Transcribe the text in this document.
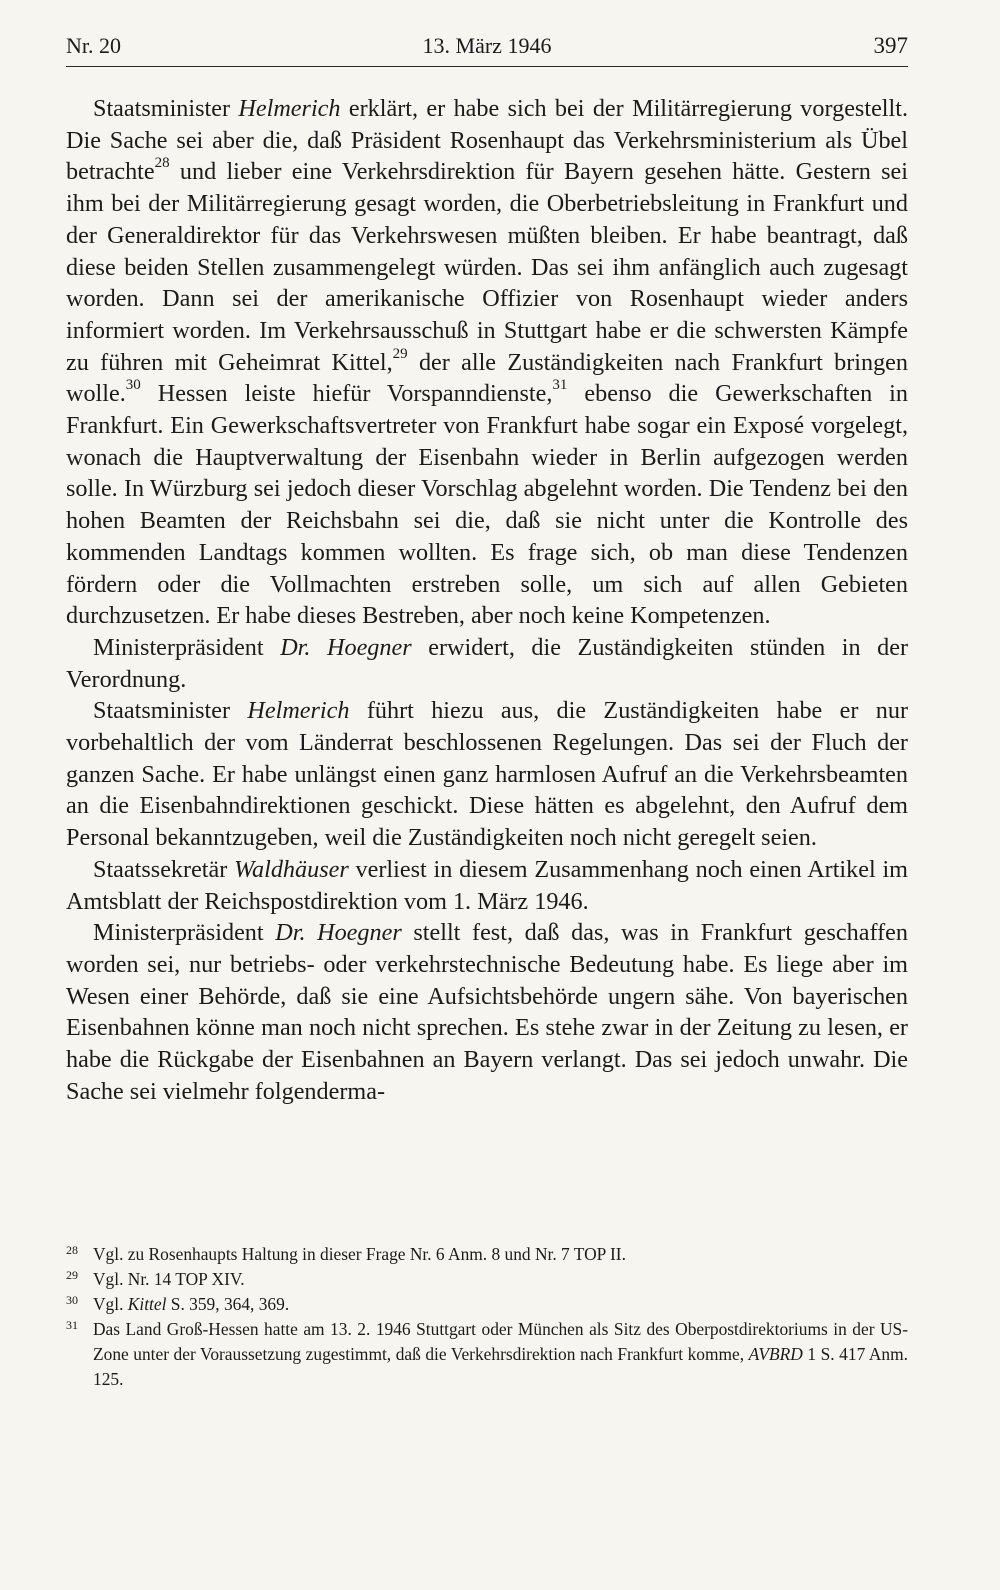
Nr. 20	13. März 1946	397

Staatsminister Helmerich erklärt, er habe sich bei der Militärregierung vorgestellt. Die Sache sei aber die, daß Präsident Rosenhaupt das Verkehrsministerium als Übel betrachte$^{28}$ und lieber eine Verkehrsdirektion für Bayern gesehen hätte. Gestern sei ihm bei der Militärregierung gesagt worden, die Oberbetriebsleitung in Frankfurt und der Generaldirektor für das Verkehrswesen müßten bleiben. Er habe beantragt, daß diese beiden Stellen zusammengelegt würden. Das sei ihm anfänglich auch zugesagt worden. Dann sei der amerikanische Offizier von Rosenhaupt wieder anders informiert worden. Im Verkehrsausschuß in Stuttgart habe er die schwersten Kämpfe zu führen mit Geheimrat Kittel,$^{29}$ der alle Zuständigkeiten nach Frankfurt bringen wolle.$^{30}$ Hessen leiste hiefür Vorspanndienste,$^{31}$ ebenso die Gewerkschaften in Frankfurt. Ein Gewerkschaftsvertreter von Frankfurt habe sogar ein Exposé vorgelegt, wonach die Hauptverwaltung der Eisenbahn wieder in Berlin aufgezogen werden solle. In Würzburg sei jedoch dieser Vorschlag abgelehnt worden. Die Tendenz bei den hohen Beamten der Reichsbahn sei die, daß sie nicht unter die Kontrolle des kommenden Landtags kommen wollten. Es frage sich, ob man diese Tendenzen fördern oder die Vollmachten erstreben solle, um sich auf allen Gebieten durchzusetzen. Er habe dieses Bestreben, aber noch keine Kompetenzen.

Ministerpräsident Dr. Hoegner erwidert, die Zuständigkeiten stünden in der Verordnung.

Staatsminister Helmerich führt hiezu aus, die Zuständigkeiten habe er nur vorbehaltlich der vom Länderrat beschlossenen Regelungen. Das sei der Fluch der ganzen Sache. Er habe unlängst einen ganz harmlosen Aufruf an die Verkehrsbeamten an die Eisenbahndirektionen geschickt. Diese hätten es abgelehnt, den Aufruf dem Personal bekanntzugeben, weil die Zuständigkeiten noch nicht geregelt seien.

Staatssekretär Waldhäuser verliest in diesem Zusammenhang noch einen Artikel im Amtsblatt der Reichspostdirektion vom 1. März 1946.

Ministerpräsident Dr. Hoegner stellt fest, daß das, was in Frankfurt geschaffen worden sei, nur betriebs- oder verkehrstechnische Bedeutung habe. Es liege aber im Wesen einer Behörde, daß sie eine Aufsichtsbehörde ungern sähe. Von bayerischen Eisenbahnen könne man noch nicht sprechen. Es stehe zwar in der Zeitung zu lesen, er habe die Rückgabe der Eisenbahnen an Bayern verlangt. Das sei jedoch unwahr. Die Sache sei vielmehr folgenderma-

28 Vgl. zu Rosenhaupts Haltung in dieser Frage Nr. 6 Anm. 8 und Nr. 7 TOP II.
29 Vgl. Nr. 14 TOP XIV.
30 Vgl. Kittel S. 359, 364, 369.
31 Das Land Groß-Hessen hatte am 13. 2. 1946 Stuttgart oder München als Sitz des Oberpostdirektoriums in der US-Zone unter der Voraussetzung zugestimmt, daß die Verkehrsdirektion nach Frankfurt komme, AVBRD 1 S. 417 Anm. 125.
